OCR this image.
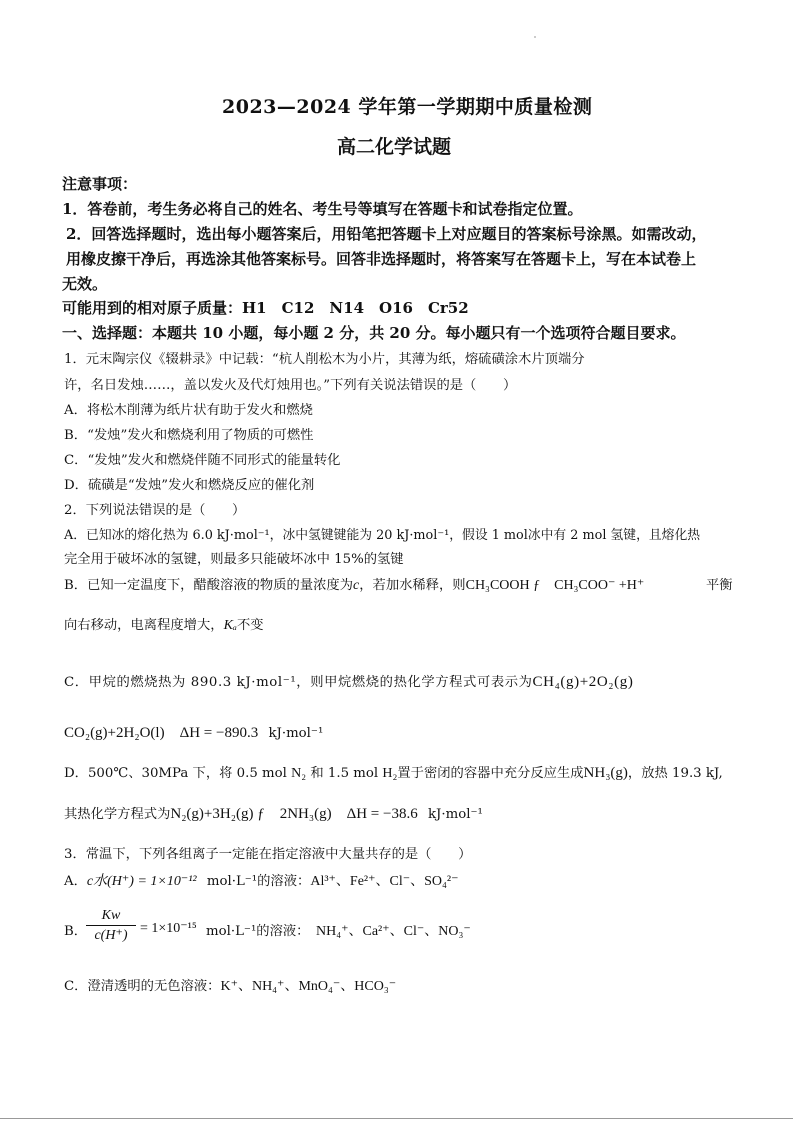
2023—2024 学年第一学期期中质量检测
高二化学试题
注意事项：
1．答卷前，考生务必将自己的姓名、考生号等填写在答题卡和试卷指定位置。
2．回答选择题时，选出每小题答案后，用铅笔把答题卡上对应题目的答案标号涂黑。如需改动，
用橡皮擦干净后，再选涂其他答案标号。回答非选择题时，将答案写在答题卡上，写在本试卷上
无效。
可能用到的相对原子质量：H1　C12　N14　O16　Cr52
一、选择题：本题共 10 小题，每小题 2 分，共 20 分。每小题只有一个选项符合题目要求。
1．元末陶宗仪《辍耕录》中记载：“杭人削松木为小片，其薄为纸，熔硫磺涂木片顶端分
许，名日发烛……，盖以发火及代灯烛用也。”下列有关说法错误的是（　　）
A．将松木削薄为纸片状有助于发火和燃烧
B．“发烛”发火和燃烧利用了物质的可燃性
C．“发烛”发火和燃烧伴随不同形式的能量转化
D．硫磺是“发烛”发火和燃烧反应的催化剂
2．下列说法错误的是（　　）
A．已知冰的熔化热为 6.0 kJ·mol⁻¹，冰中氢键键能为 20 kJ·mol⁻¹，假设 1 mol冰中有 2 mol 氢键，且熔化热
完全用于破坏冰的氢键，则最多只能破坏冰中 15%的氢键
B．已知一定温度下，醋酸溶液的物质的量浓度为c，若加水稀释，则CH₃COOH ƒ　CH₃COO⁻ +H⁺	平衡
向右移动，电离程度增大，Kₐ不变
C．甲烷的燃烧热为 890.3 kJ·mol⁻¹，则甲烷燃烧的热化学方程式可表示为CH₄(g)+2O₂(g)
CO₂(g)+2H₂O(l)　ΔH = −890.3 kJ·mol⁻¹
D．500℃、30MPa 下，将 0.5 mol N₂ 和 1.5 mol H₂置于密闭的容器中充分反应生成NH₃(g)，放热 19.3 kJ,
其热化学方程式为N₂(g)+3H₂(g) ƒ　2NH₃(g)　ΔH = −38.6 kJ·mol⁻¹
3．常温下，下列各组离子一定能在指定溶液中大量共存的是（　　）
A．c水(H⁺) = 1×10⁻¹² mol·L⁻¹的溶液：Al³⁺、Fe²⁺、Cl⁻、SO₄²⁻
B．
Kw
c(H⁺) = 1×10⁻¹⁵ mol·L⁻¹的溶液： NH₄⁺、Ca²⁺、Cl⁻、NO₃⁻
C．澄清透明的无色溶液：K⁺、NH₄⁺、MnO₄⁻、HCO₃⁻
